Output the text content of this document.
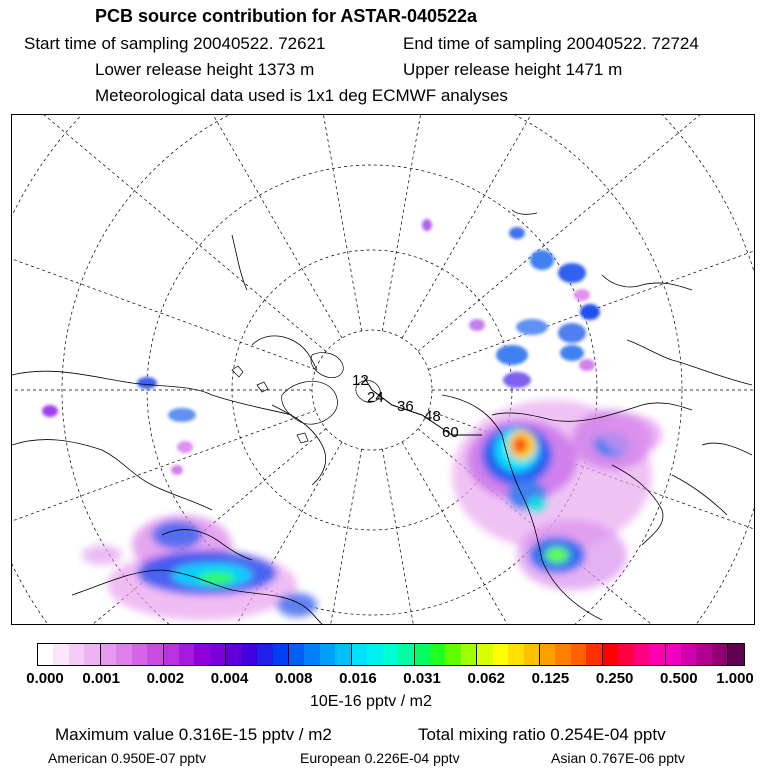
PCB source contribution for ASTAR-040522a
Start time of sampling 20040522. 72621	End time of sampling 20040522. 72724
Lower release height 1373 m	Upper release height 1471 m
Meteorological data used is 1x1 deg ECMWF analyses
12
24
36
48
60
0.000 0.001 0.002 0.004 0.008 0.016 0.031 0.062 0.125 0.250 0.500 1.000
10E-16 pptv / m2
Maximum value 0.316E-15 pptv / m2	Total mixing ratio 0.254E-04 pptv
American 0.950E-07 pptv	European 0.226E-04 pptv	Asian 0.767E-06 pptv
